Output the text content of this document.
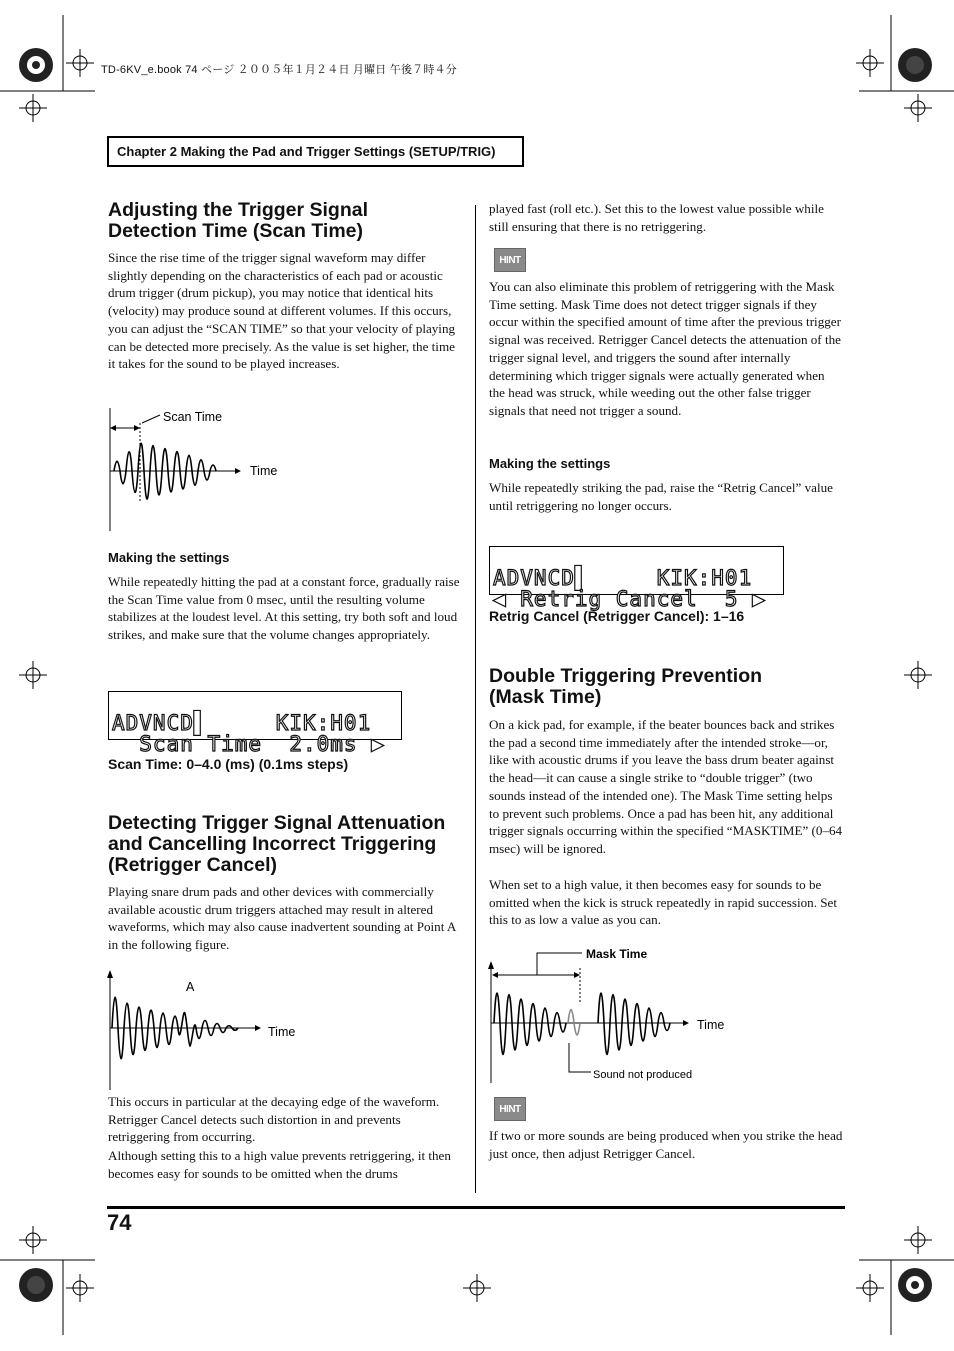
TD-6KV_e.book 74 ページ ２００５年１月２４日 月曜日 午後７時４分
Chapter 2 Making the Pad and Trigger Settings (SETUP/TRIG)
Adjusting the Trigger Signal
Detection Time (Scan Time)

Since the rise time of the trigger signal waveform may differ slightly depending on the characteristics of each pad or acoustic drum trigger (drum pickup), you may notice that identical hits (velocity) may produce sound at different volumes. If this occurs, you can adjust the “SCAN TIME” so that your velocity of playing can be detected more precisely. As the value is set higher, the time it takes for the sound to be played increases.

Scan Time
Time
Making the settings

While repeatedly hitting the pad at a constant force, gradually raise the Scan Time value from 0 msec, until the resulting volume stabilizes at the loudest level. At this setting, try both soft and loud strikes, and make sure that the volume changes appropriately.

ADVNCD▌     KIK:H01
Scan Time  2.0ms ▶
Scan Time: 0–4.0 (ms) (0.1ms steps)
Detecting Trigger Signal Attenuation
and Cancelling Incorrect Triggering
(Retrigger Cancel)

Playing snare drum pads and other devices with commercially available acoustic drum triggers attached may result in altered waveforms, which may also cause inadvertent sounding at Point A in the following figure.

A
Time

This occurs in particular at the decaying edge of the waveform. Retrigger Cancel detects such distortion in and prevents retriggering from occurring.

Although setting this to a high value prevents retriggering, it then becomes easy for sounds to be omitted when the drums

played fast (roll etc.). Set this to the lowest value possible while still ensuring that there is no retriggering.

HINT

You can also eliminate this problem of retriggering with the Mask Time setting. Mask Time does not detect trigger signals if they occur within the specified amount of time after the previous trigger signal was received. Retrigger Cancel detects the attenuation of the trigger signal level, and triggers the sound after internally determining which trigger signals were actually generated when the head was struck, while weeding out the other false trigger signals that need not trigger a sound.

Making the settings

While repeatedly striking the pad, raise the “Retrig Cancel” value until retriggering no longer occurs.

ADVNCD▌     KIK:H01
◀ Retrig Cancel  5 ▶
Retrig Cancel (Retrigger Cancel): 1–16
Double Triggering Prevention
(Mask Time)

On a kick pad, for example, if the beater bounces back and strikes the pad a second time immediately after the intended stroke—or, like with acoustic drums if you leave the bass drum beater against the head—it can cause a single strike to “double trigger” (two sounds instead of the intended one). The Mask Time setting helps to prevent such problems. Once a pad has been hit, any additional trigger signals occurring within the specified “MASKTIME” (0–64 msec) will be ignored.

When set to a high value, it then becomes easy for sounds to be omitted when the kick is struck repeatedly in rapid succession. Set this to as low a value as you can.

Mask Time
Time
Sound not produced
HINT

If two or more sounds are being produced when you strike the head just once, then adjust Retrigger Cancel.

74
